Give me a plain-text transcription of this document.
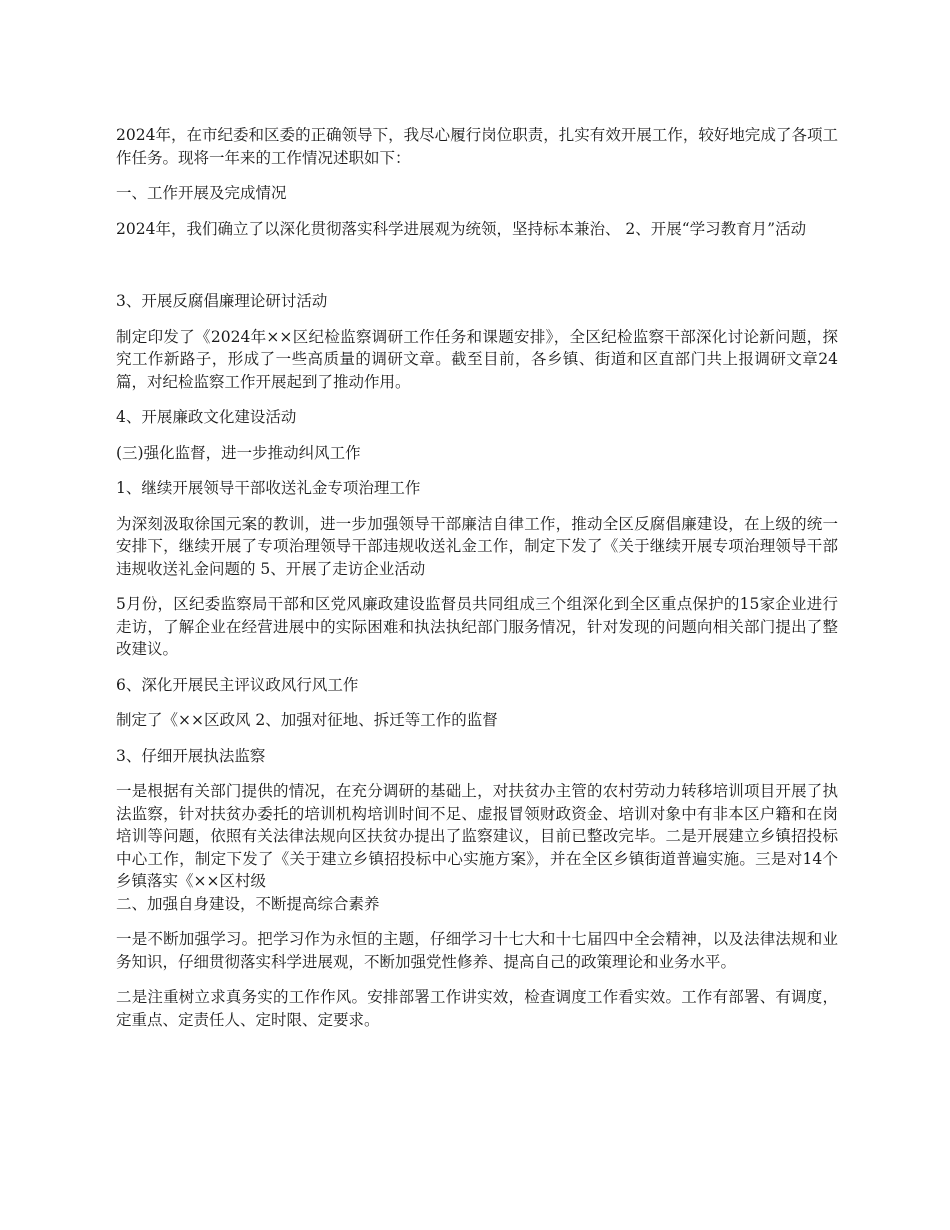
2024年，在市纪委和区委的正确领导下，我尽心履行岗位职责，扎实有效开展工作，较好地完成了各项工作任务。现将一年来的工作情况述职如下：

一、工作开展及完成情况

2024年，我们确立了以深化贯彻落实科学进展观为统领，坚持标本兼治、 2、开展“学习教育月”活动

3、开展反腐倡廉理论研讨活动

制定印发了《2024年××区纪检监察调研工作任务和课题安排》，全区纪检监察干部深化讨论新问题，探究工作新路子，形成了一些高质量的调研文章。截至目前，各乡镇、街道和区直部门共上报调研文章24篇，对纪检监察工作开展起到了推动作用。

4、开展廉政文化建设活动

(三)强化监督，进一步推动纠风工作

1、继续开展领导干部收送礼金专项治理工作

为深刻汲取徐国元案的教训，进一步加强领导干部廉洁自律工作，推动全区反腐倡廉建设，在上级的统一安排下，继续开展了专项治理领导干部违规收送礼金工作，制定下发了《关于继续开展专项治理领导干部违规收送礼金问题的 5、开展了走访企业活动

5月份，区纪委监察局干部和区党风廉政建设监督员共同组成三个组深化到全区重点保护的15家企业进行走访，了解企业在经营进展中的实际困难和执法执纪部门服务情况，针对发现的问题向相关部门提出了整改建议。

6、深化开展民主评议政风行风工作

制定了《××区政风 2、加强对征地、拆迁等工作的监督

3、仔细开展执法监察

一是根据有关部门提供的情况，在充分调研的基础上，对扶贫办主管的农村劳动力转移培训项目开展了执法监察，针对扶贫办委托的培训机构培训时间不足、虚报冒领财政资金、培训对象中有非本区户籍和在岗培训等问题，依照有关法律法规向区扶贫办提出了监察建议，目前已整改完毕。二是开展建立乡镇招投标中心工作，制定下发了《关于建立乡镇招投标中心实施方案》，并在全区乡镇街道普遍实施。三是对14个乡镇落实《××区村级

二、加强自身建设，不断提高综合素养

一是不断加强学习。把学习作为永恒的主题，仔细学习十七大和十七届四中全会精神，以及法律法规和业务知识，仔细贯彻落实科学进展观，不断加强党性修养、提高自己的政策理论和业务水平。

二是注重树立求真务实的工作作风。安排部署工作讲实效，检查调度工作看实效。工作有部署、有调度，定重点、定责任人、定时限、定要求。
